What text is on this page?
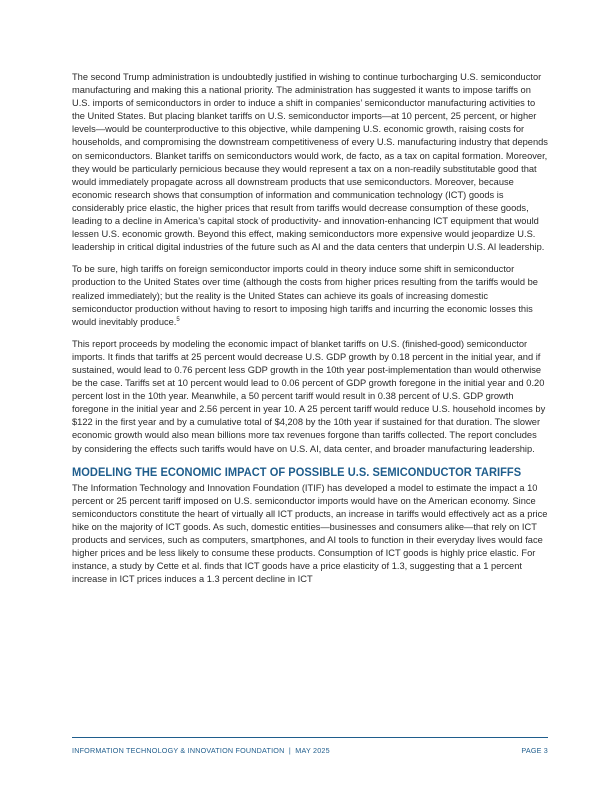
The second Trump administration is undoubtedly justified in wishing to continue turbocharging U.S. semiconductor manufacturing and making this a national priority. The administration has suggested it wants to impose tariffs on U.S. imports of semiconductors in order to induce a shift in companies’ semiconductor manufacturing activities to the United States. But placing blanket tariffs on U.S. semiconductor imports—at 10 percent, 25 percent, or higher levels—would be counterproductive to this objective, while dampening U.S. economic growth, raising costs for households, and compromising the downstream competitiveness of every U.S. manufacturing industry that depends on semiconductors. Blanket tariffs on semiconductors would work, de facto, as a tax on capital formation. Moreover, they would be particularly pernicious because they would represent a tax on a non-readily substitutable good that would immediately propagate across all downstream products that use semiconductors. Moreover, because economic research shows that consumption of information and communication technology (ICT) goods is considerably price elastic, the higher prices that result from tariffs would decrease consumption of these goods, leading to a decline in America’s capital stock of productivity- and innovation-enhancing ICT equipment that would lessen U.S. economic growth. Beyond this effect, making semiconductors more expensive would jeopardize U.S. leadership in critical digital industries of the future such as AI and the data centers that underpin U.S. AI leadership.

To be sure, high tariffs on foreign semiconductor imports could in theory induce some shift in semiconductor production to the United States over time (although the costs from higher prices resulting from the tariffs would be realized immediately); but the reality is the United States can achieve its goals of increasing domestic semiconductor production without having to resort to imposing high tariffs and incurring the economic losses this would inevitably produce.$^5$

This report proceeds by modeling the economic impact of blanket tariffs on U.S. (finished-good) semiconductor imports. It finds that tariffs at 25 percent would decrease U.S. GDP growth by 0.18 percent in the initial year, and if sustained, would lead to 0.76 percent less GDP growth in the 10th year post-implementation than would otherwise be the case. Tariffs set at 10 percent would lead to 0.06 percent of GDP growth foregone in the initial year and 0.20 percent lost in the 10th year. Meanwhile, a 50 percent tariff would result in 0.38 percent of U.S. GDP growth foregone in the initial year and 2.56 percent in year 10. A 25 percent tariff would reduce U.S. household incomes by $122 in the first year and by a cumulative total of $4,208 by the 10th year if sustained for that duration. The slower economic growth would also mean billions more tax revenues forgone than tariffs collected. The report concludes by considering the effects such tariffs would have on U.S. AI, data center, and broader manufacturing leadership.

MODELING THE ECONOMIC IMPACT OF POSSIBLE U.S. SEMICONDUCTOR TARIFFS

The Information Technology and Innovation Foundation (ITIF) has developed a model to estimate the impact a 10 percent or 25 percent tariff imposed on U.S. semiconductor imports would have on the American economy. Since semiconductors constitute the heart of virtually all ICT products, an increase in tariffs would effectively act as a price hike on the majority of ICT goods. As such, domestic entities—businesses and consumers alike—that rely on ICT products and services, such as computers, smartphones, and AI tools to function in their everyday lives would face higher prices and be less likely to consume these products. Consumption of ICT goods is highly price elastic. For instance, a study by Cette et al. finds that ICT goods have a price elasticity of 1.3, suggesting that a 1 percent increase in ICT prices induces a 1.3 percent decline in ICT

INFORMATION TECHNOLOGY & INNOVATION FOUNDATION  |  MAY 2025	PAGE 3
